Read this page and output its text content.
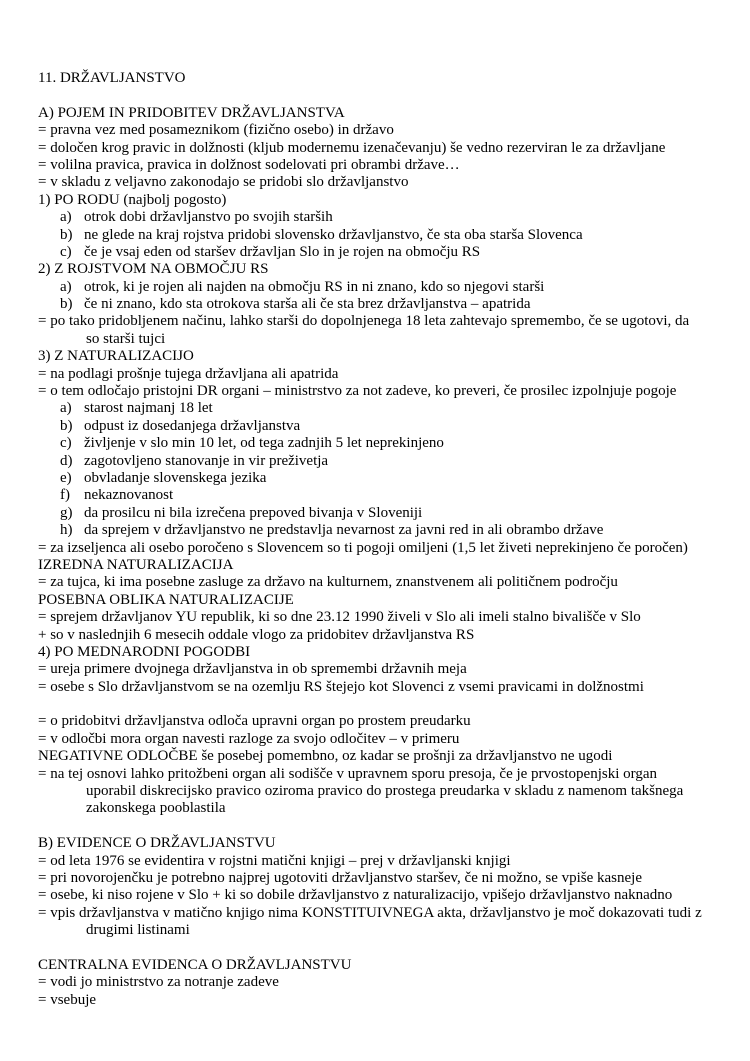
11. DRŽAVLJANSTVO
A) POJEM IN PRIDOBITEV DRŽAVLJANSTVA
= pravna vez med posameznikom (fizično osebo) in državo
= določen krog pravic in dolžnosti (kljub modernemu izenačevanju) še vedno rezerviran le za državljane
= volilna pravica, pravica in dolžnost sodelovati pri obrambi države…
= v skladu z veljavno zakonodajo se pridobi slo državljanstvo
1) PO RODU (najbolj pogosto)
a) otrok dobi državljanstvo po svojih starših
b) ne glede na kraj rojstva pridobi slovensko državljanstvo, če sta oba starša Slovenca
c) če je vsaj eden od staršev državljan Slo in je rojen na območju RS
2) Z ROJSTVOM NA OBMOČJU RS
a) otrok, ki je rojen ali najden na območju RS in ni znano, kdo so njegovi starši
b) če ni znano, kdo sta otrokova starša ali če sta brez državljanstva – apatrida
= po tako pridobljenem načinu, lahko starši do dopolnjenega 18 leta zahtevajo spremembo, če se ugotovi, da
so starši tujci
3) Z NATURALIZACIJO
= na podlagi prošnje tujega državljana ali apatrida
= o tem odločajo pristojni DR organi – ministrstvo za not zadeve, ko preveri, če prosilec izpolnjuje pogoje
a) starost najmanj 18 let
b) odpust iz dosedanjega državljanstva
c) življenje v slo min 10 let, od tega zadnjih 5 let neprekinjeno
d) zagotovljeno stanovanje in vir preživetja
e) obvladanje slovenskega jezika
f) nekaznovanost
g) da prosilcu ni bila izrečena prepoved bivanja v Sloveniji
h) da sprejem v državljanstvo ne predstavlja nevarnost za javni red in ali obrambo države
= za izseljenca ali osebo poročeno s Slovencem so ti pogoji omiljeni (1,5 let živeti neprekinjeno če poročen)
IZREDNA NATURALIZACIJA
= za tujca, ki ima posebne zasluge za državo na kulturnem, znanstvenem ali političnem področju
POSEBNA OBLIKA NATURALIZACIJE
= sprejem državljanov YU republik, ki so dne 23.12 1990 živeli v Slo ali imeli stalno bivališče v Slo
+ so v naslednjih 6 mesecih oddale vlogo za pridobitev državljanstva RS
4) PO MEDNARODNI POGODBI
= ureja primere dvojnega državljanstva in ob spremembi državnih meja
= osebe s Slo državljanstvom se na ozemlju RS štejejo kot Slovenci z vsemi pravicami in dolžnostmi
= o pridobitvi državljanstva odloča upravni organ po prostem preudarku
= v odločbi mora organ navesti razloge za svojo odločitev – v primeru
NEGATIVNE ODLOČBE še posebej pomembno, oz kadar se prošnji za državljanstvo ne ugodi
= na tej osnovi lahko pritožbeni organ ali sodišče v upravnem sporu presoja, če je prvostopenjski organ
uporabil diskrecijsko pravico oziroma pravico do prostega preudarka v skladu z namenom takšnega
zakonskega pooblastila
B) EVIDENCE O DRŽAVLJANSTVU
= od leta 1976 se evidentira v rojstni matični knjigi – prej v državljanski knjigi
= pri novorojenčku je potrebno najprej ugotoviti državljanstvo staršev, če ni možno, se vpiše kasneje
= osebe, ki niso rojene v Slo + ki so dobile državljanstvo z naturalizacijo, vpišejo državljanstvo naknadno
= vpis državljanstva v matično knjigo nima KONSTITUIVNEGA akta, državljanstvo je moč dokazovati tudi z
drugimi listinami
CENTRALNA EVIDENCA O DRŽAVLJANSTVU
= vodi jo ministrstvo za notranje zadeve
= vsebuje
